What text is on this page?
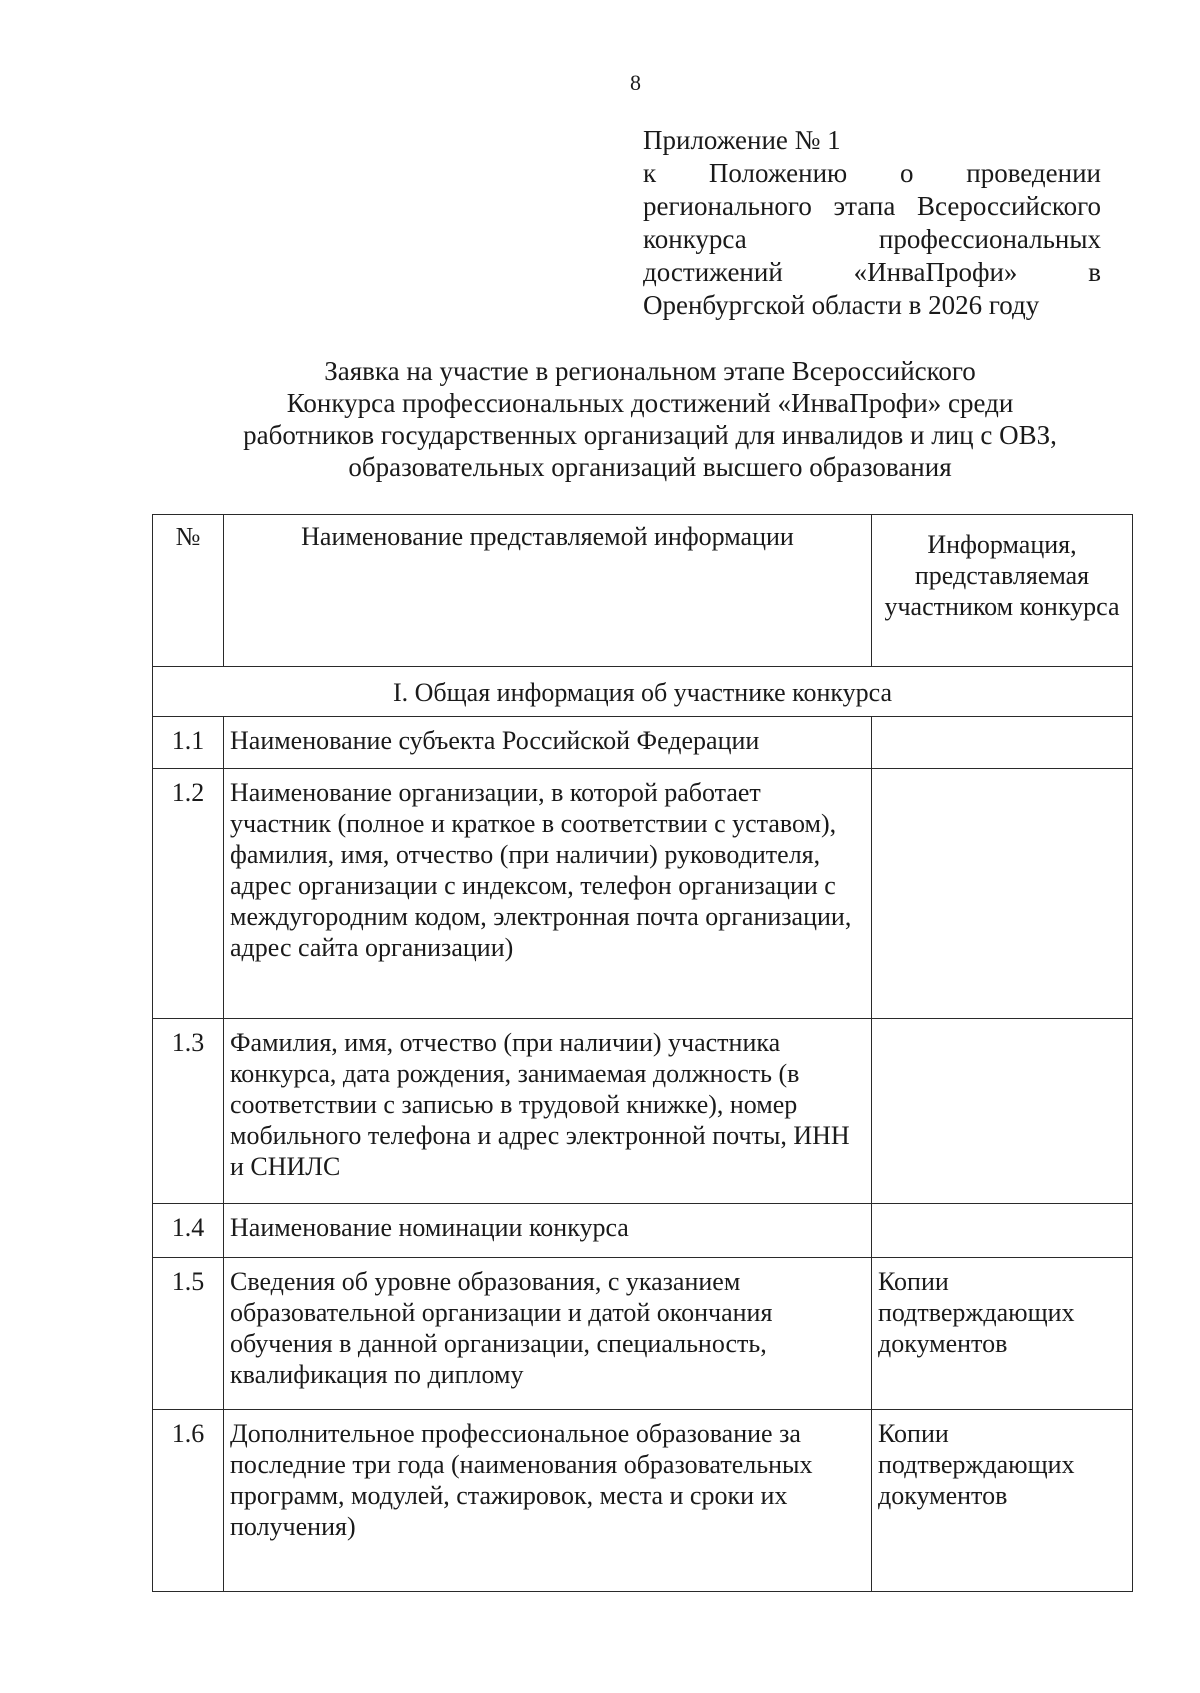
8
Приложение № 1
к Положению о проведении
регионального этапа Всероссийского
конкурса профессиональных
достижений «ИнваПрофи» в
Оренбургской области в 2026 году
Заявка на участие в региональном этапе Всероссийского
Конкурса профессиональных достижений «ИнваПрофи» среди
работников государственных организаций для инвалидов и лиц с ОВЗ,
образовательных организаций высшего образования
№	Наименование представляемой информации	Информация, представляемая участником конкурса
I. Общая информация об участнике конкурса		
1.1	Наименование субъекта Российской Федерации	
1.2	Наименование организации, в которой работает участник (полное и краткое в соответствии с уставом), фамилия, имя, отчество (при наличии) руководителя, адрес организации с индексом, телефон организации с междугородним кодом, электронная почта организации, адрес сайта организации)	
1.3	Фамилия, имя, отчество (при наличии) участника конкурса, дата рождения, занимаемая должность (в соответствии с записью в трудовой книжке), номер мобильного телефона и адрес электронной почты, ИНН и СНИЛС	
1.4	Наименование номинации конкурса	
1.5	Сведения об уровне образования, с указанием образовательной организации и датой окончания обучения в данной организации, специальность, квалификация по диплому	Копии подтверждающих документов
1.6	Дополнительное профессиональное образование за последние три года (наименования образовательных программ, модулей, стажировок, места и сроки их получения)	Копии подтверждающих документов
